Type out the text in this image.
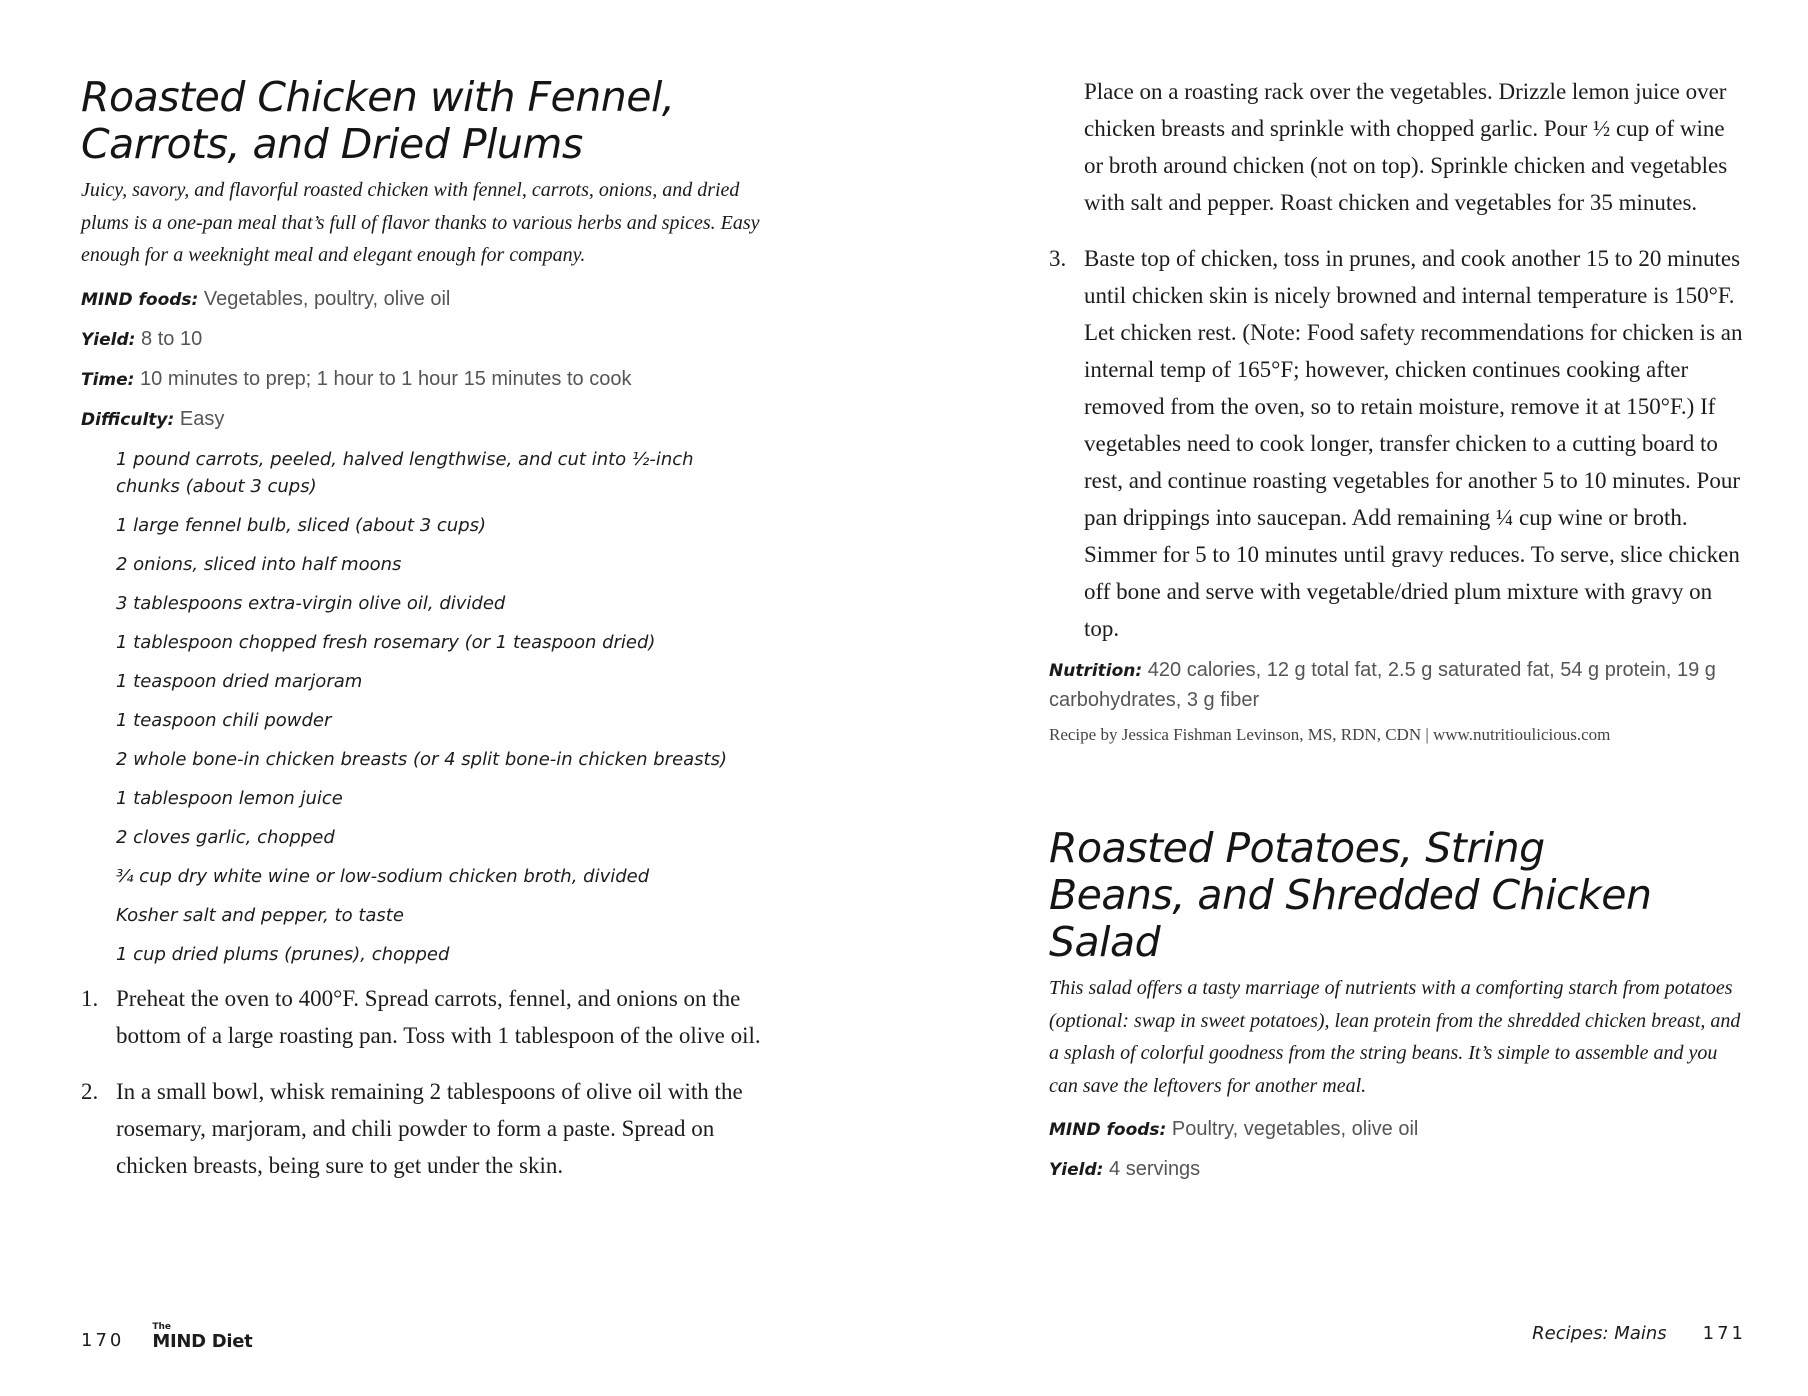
Roasted Chicken with Fennel, Carrots, and Dried Plums

Juicy, savory, and flavorful roasted chicken with fennel, carrots, onions, and dried plums is a one-pan meal that’s full of flavor thanks to various herbs and spices. Easy enough for a weeknight meal and elegant enough for company.

MIND foods: Vegetables, poultry, olive oil

Yield: 8 to 10

Time: 10 minutes to prep; 1 hour to 1 hour 15 minutes to cook

Difficulty: Easy

1 pound carrots, peeled, halved lengthwise, and cut into ½-inch chunks (about 3 cups)
1 large fennel bulb, sliced (about 3 cups)
2 onions, sliced into half moons
3 tablespoons extra-virgin olive oil, divided
1 tablespoon chopped fresh rosemary (or 1 teaspoon dried)
1 teaspoon dried marjoram
1 teaspoon chili powder
2 whole bone-in chicken breasts (or 4 split bone-in chicken breasts)
1 tablespoon lemon juice
2 cloves garlic, chopped
¾ cup dry white wine or low-sodium chicken broth, divided
Kosher salt and pepper, to taste
1 cup dried plums (prunes), chopped
1. Preheat the oven to 400°F. Spread carrots, fennel, and onions on the bottom of a large roasting pan. Toss with 1 tablespoon of the olive oil.
2. In a small bowl, whisk remaining 2 tablespoons of olive oil with the rosemary, marjoram, and chili powder to form a paste. Spread on chicken breasts, being sure to get under the skin.

Place on a roasting rack over the vegetables. Drizzle lemon juice over chicken breasts and sprinkle with chopped garlic. Pour ½ cup of wine or broth around chicken (not on top). Sprinkle chicken and vegetables with salt and pepper. Roast chicken and vegetables for 35 minutes.

3. Baste top of chicken, toss in prunes, and cook another 15 to 20 minutes until chicken skin is nicely browned and internal temperature is 150°F. Let chicken rest. (Note: Food safety recommendations for chicken is an internal temp of 165°F; however, chicken continues cooking after removed from the oven, so to retain moisture, remove it at 150°F.) If vegetables need to cook longer, transfer chicken to a cutting board to rest, and continue roasting vegetables for another 5 to 10 minutes. Pour pan drippings into saucepan. Add remaining ¼ cup wine or broth. Simmer for 5 to 10 minutes until gravy reduces. To serve, slice chicken off bone and serve with vegetable/dried plum mixture with gravy on top.

Nutrition: 420 calories, 12 g total fat, 2.5 g saturated fat, 54 g protein, 19 g carbohydrates, 3 g fiber

Recipe by Jessica Fishman Levinson, MS, RDN, CDN | www.nutritioulicious.com

Roasted Potatoes, String Beans, and Shredded Chicken Salad

This salad offers a tasty marriage of nutrients with a comforting starch from potatoes (optional: swap in sweet potatoes), lean protein from the shredded chicken breast, and a splash of colorful goodness from the string beans. It’s simple to assemble and you can save the leftovers for another meal.

MIND foods: Poultry, vegetables, olive oil

Yield: 4 servings

170
The
MIND Diet	Recipes: Mains 171
